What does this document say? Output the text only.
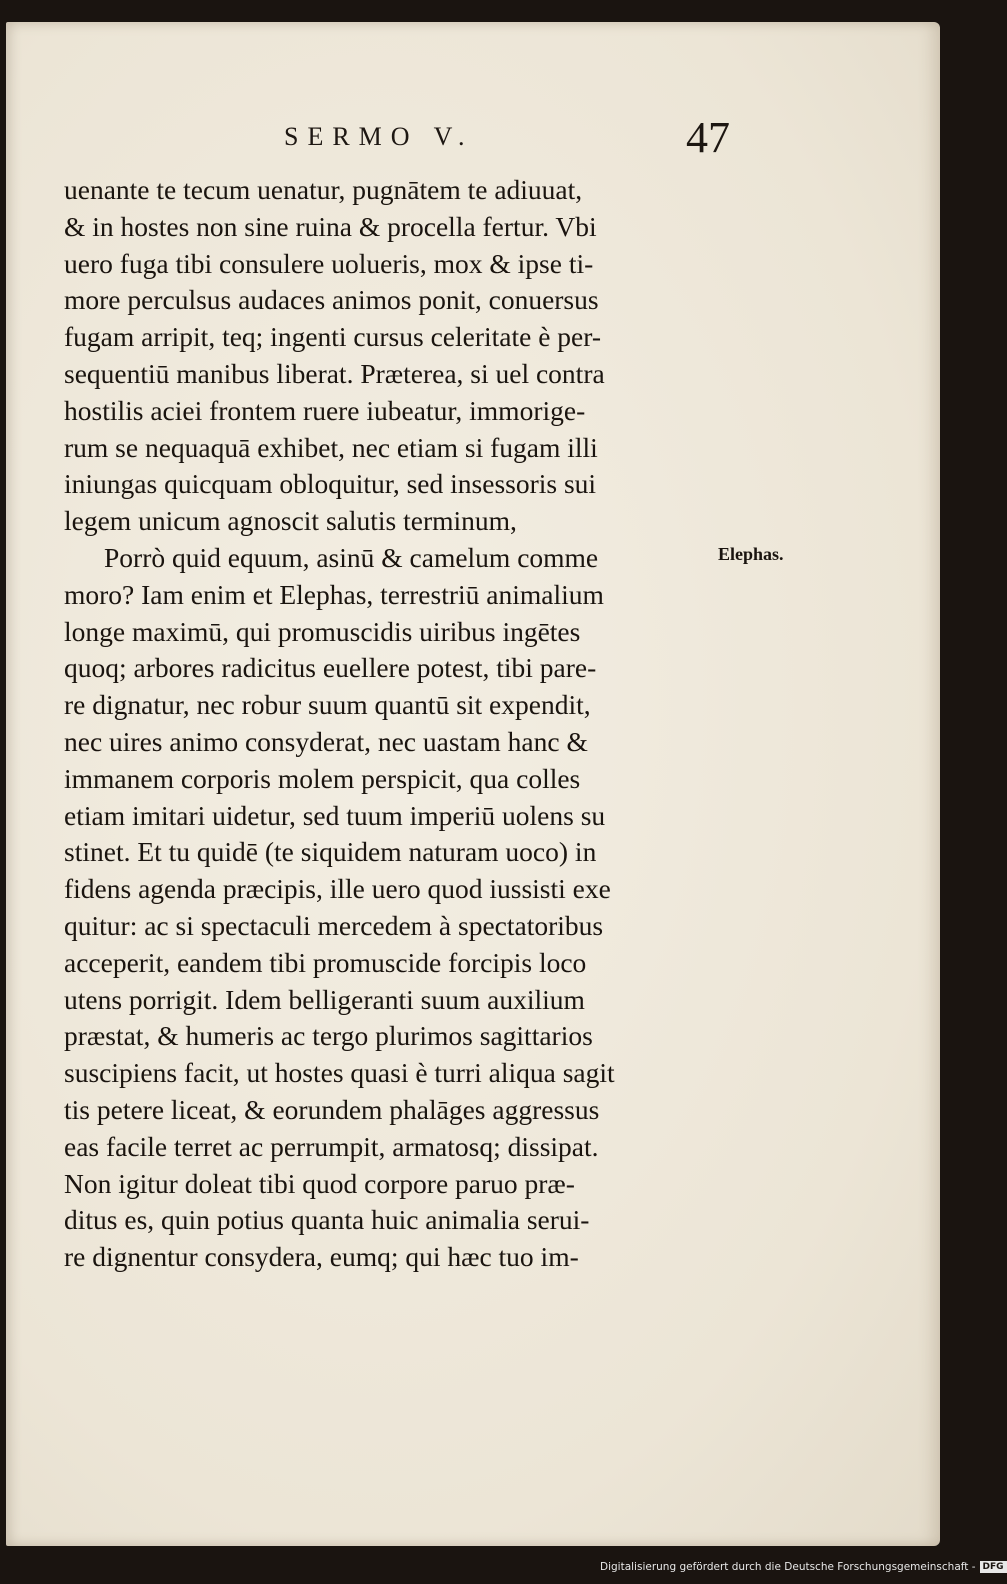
SERMO V.	47
uenante te tecum uenatur, pugnātem te adiuuat,
& in hostes non sine ruina & procella fertur. Vbi
uero fuga tibi consulere uolueris, mox & ipse ti-
more perculsus audaces animos ponit, conuersus
fugam arripit, teq; ingenti cursus celeritate è per-
sequentiū manibus liberat. Præterea, si uel contra
hostilis aciei frontem ruere iubeatur, immorige-
rum se nequaquā exhibet, nec etiam si fugam illi
iniungas quicquam obloquitur, sed insessoris sui
legem unicum agnoscit salutis terminum,
Porrò quid equum, asinū & camelum comme
moro? Iam enim et Elephas, terrestriū animalium
longe maximū, qui promuscidis uiribus ingētes
quoq; arbores radicitus euellere potest, tibi pare-
re dignatur, nec robur suum quantū sit expendit,
nec uires animo consyderat, nec uastam hanc &
immanem corporis molem perspicit, qua colles
etiam imitari uidetur, sed tuum imperiū uolens su
stinet. Et tu quidē (te siquidem naturam uoco) in
fidens agenda præcipis, ille uero quod iussisti exe
quitur: ac si spectaculi mercedem à spectatoribus
acceperit, eandem tibi promuscide forcipis loco
utens porrigit. Idem belligeranti suum auxilium
præstat, & humeris ac tergo plurimos sagittarios
suscipiens facit, ut hostes quasi è turri aliqua sagit
tis petere liceat, & eorundem phalāges aggressus
eas facile terret ac perrumpit, armatosq; dissipat.
Non igitur doleat tibi quod corpore paruo præ-
ditus es, quin potius quanta huic animalia serui-
re dignentur consydera, eumq; qui hæc tuo im-
Elephas.
Digitalisierung gefördert durch die Deutsche Forschungsgemeinschaft - DFG
